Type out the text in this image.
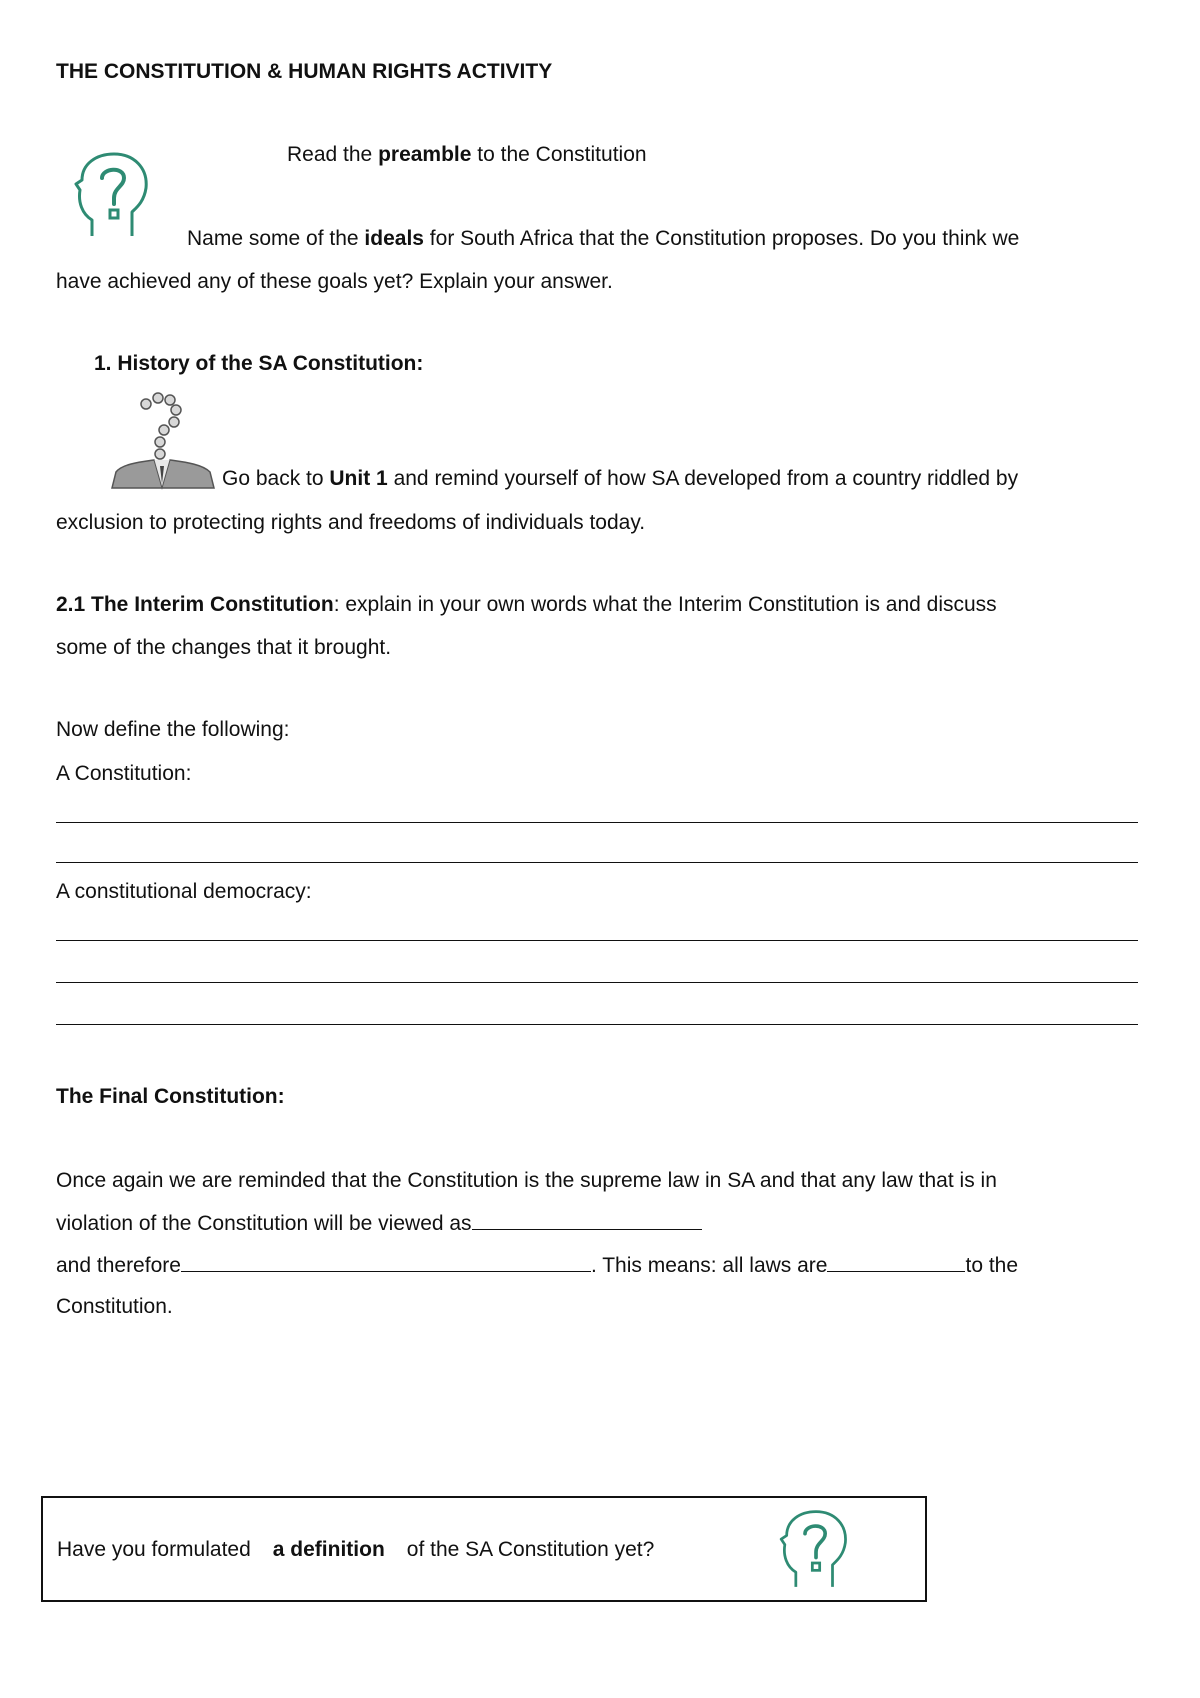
THE CONSTITUTION & HUMAN RIGHTS ACTIVITY
Read the preamble to the Constitution
Name some of the ideals for South Africa that the Constitution proposes. Do you think we
have achieved any of these goals yet? Explain your answer.
1. History of the SA Constitution:
Go back to Unit 1 and remind yourself of how SA developed from a country riddled by
exclusion to protecting rights and freedoms of individuals today.
2.1 The Interim Constitution: explain in your own words what the Interim Constitution is and discuss
some of the changes that it brought.
Now define the following:
A Constitution:
A constitutional democracy:
The Final Constitution:
Once again we are reminded that the Constitution is the supreme law in SA and that any law that is in
violation of the Constitution will be viewed as
and therefore	. This means: all laws are	to the
Constitution.
Have you formulated a definition of the SA Constitution yet?
